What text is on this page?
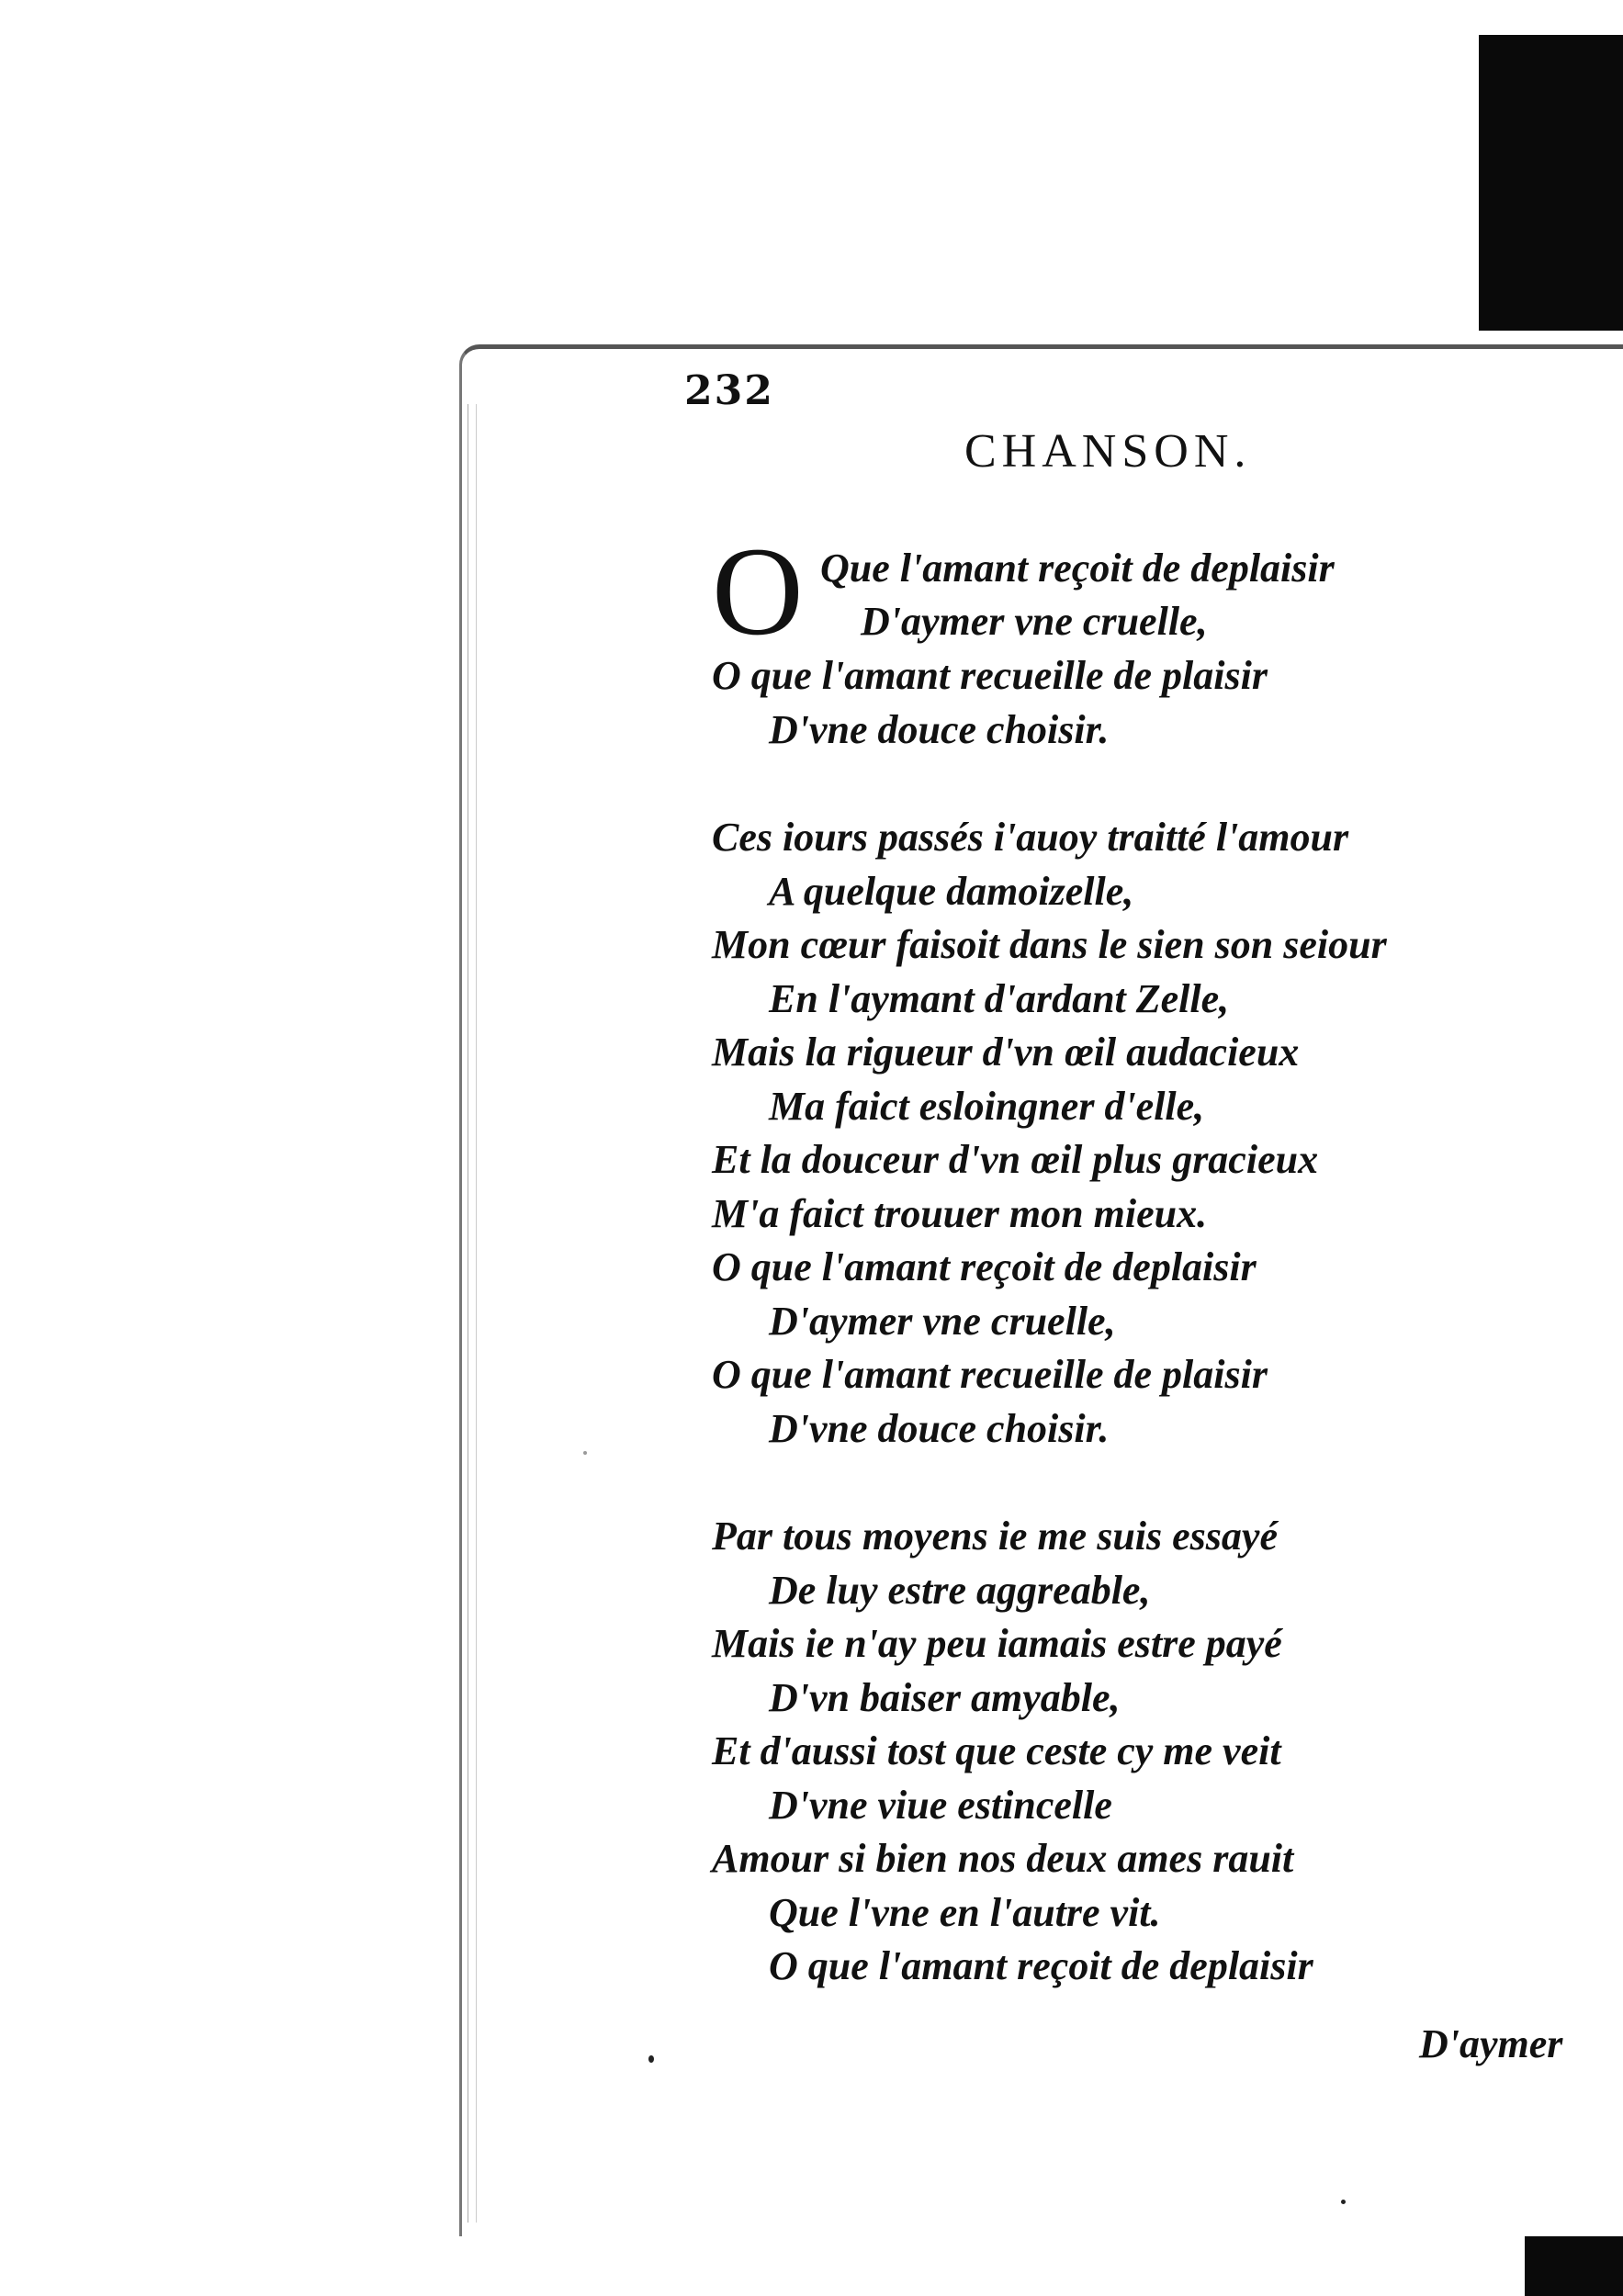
232
CHANSON.
O Que l'amant reçoit de deplaisir
D'aymer vne cruelle,
O que l'amant recueille de plaisir
D'vne douce choisir.
Ces iours passés i'auoy traitté l'amour
A quelque damoizelle,
Mon cœur faisoit dans le sien son seiour
En l'aymant d'ardant Zelle,
Mais la rigueur d'vn œil audacieux
Ma faict esloingner d'elle,
Et la douceur d'vn œil plus gracieux
M'a faict trouuer mon mieux.
O que l'amant reçoit de deplaisir
D'aymer vne cruelle,
O que l'amant recueille de plaisir
D'vne douce choisir.
Par tous moyens ie me suis essayé
De luy estre aggreable,
Mais ie n'ay peu iamais estre payé
D'vn baiser amyable,
Et d'aussi tost que ceste cy me veit
D'vne viue estincelle
Amour si bien nos deux ames rauit
Que l'vne en l'autre vit.
O que l'amant reçoit de deplaisir
D'aymer
